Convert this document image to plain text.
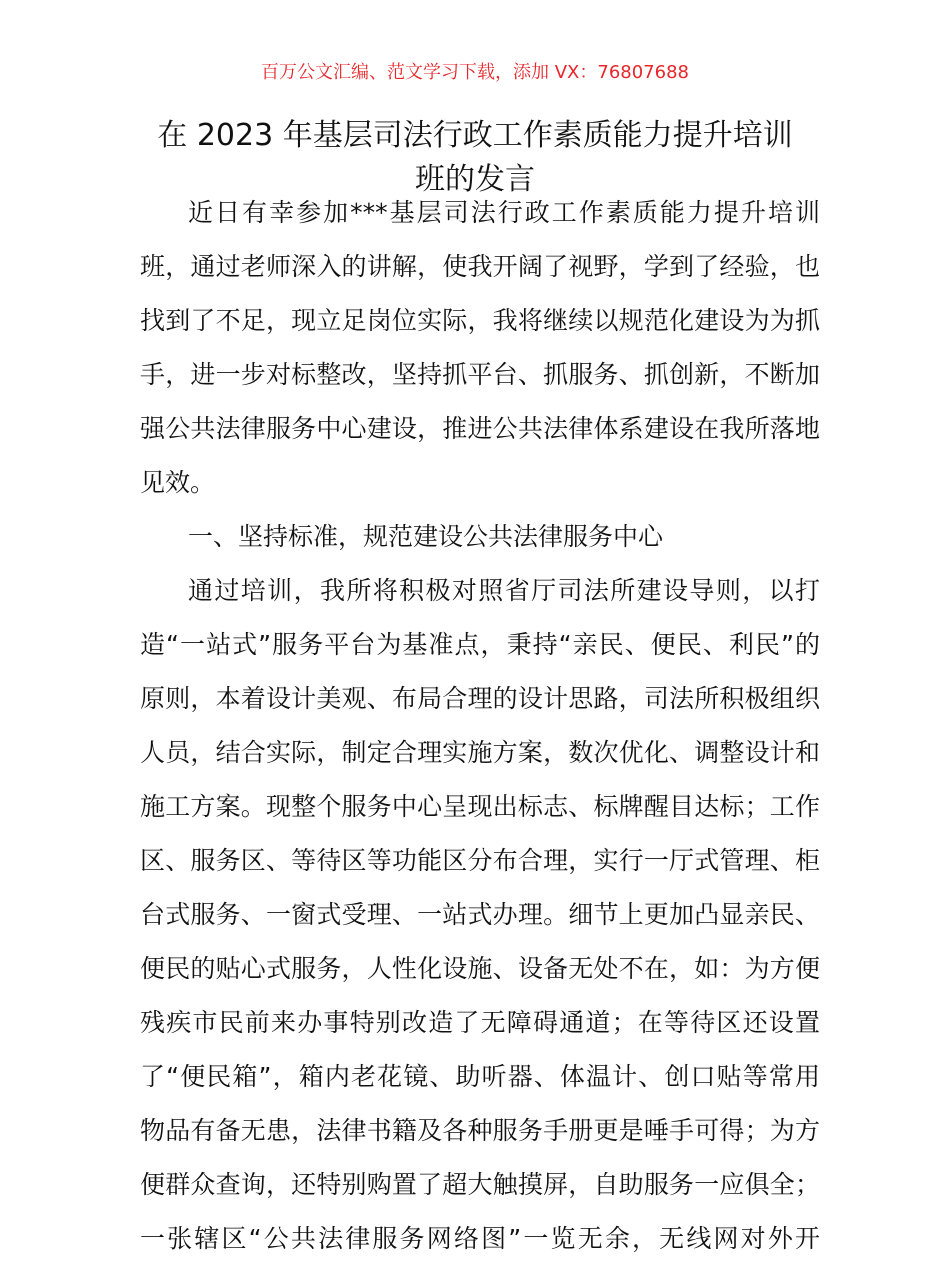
百万公文汇编、范文学习下载，添加 VX：76807688
在 2023 年基层司法行政工作素质能力提升培训
班的发言
近日有幸参加***基层司法行政工作素质能力提升培训
班，通过老师深入的讲解，使我开阔了视野，学到了经验，也
找到了不足，现立足岗位实际，我将继续以规范化建设为为抓
手，进一步对标整改，坚持抓平台、抓服务、抓创新，不断加
强公共法律服务中心建设，推进公共法律体系建设在我所落地
见效。
一、坚持标准，规范建设公共法律服务中心
通过培训，我所将积极对照省厅司法所建设导则，以打
造“一站式”服务平台为基准点，秉持“亲民、便民、利民”的
原则，本着设计美观、布局合理的设计思路，司法所积极组织
人员，结合实际，制定合理实施方案，数次优化、调整设计和
施工方案。现整个服务中心呈现出标志、标牌醒目达标；工作
区、服务区、等待区等功能区分布合理，实行一厅式管理、柜
台式服务、一窗式受理、一站式办理。细节上更加凸显亲民、
便民的贴心式服务，人性化设施、设备无处不在，如：为方便
残疾市民前来办事特别改造了无障碍通道；在等待区还设置
了“便民箱”，箱内老花镜、助听器、体温计、创口贴等常用
物品有备无患，法律书籍及各种服务手册更是唾手可得；为方
便群众查询，还特别购置了超大触摸屏，自助服务一应俱全；
一张辖区“公共法律服务网络图”一览无余，无线网对外开
